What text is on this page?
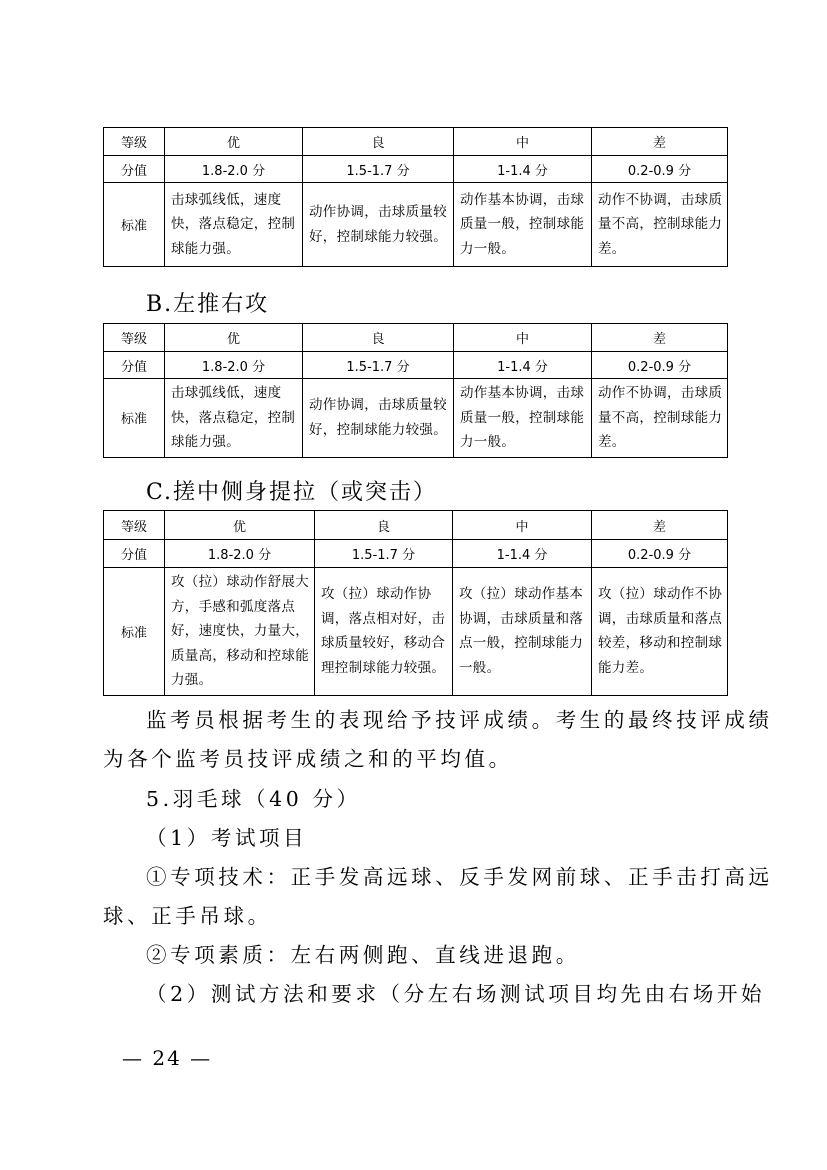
等级	优	良	中	差
分值	1.8-2.0 分	1.5-1.7 分	1-1.4 分	0.2-0.9 分
标准	击球弧线低，速度快，落点稳定，控制球能力强。	动作协调，击球质量较好，控制球能力较强。	动作基本协调，击球质量一般，控制球能力一般。	动作不协调，击球质量不高，控制球能力差。
B.左推右攻
等级	优	良	中	差
分值	1.8-2.0 分	1.5-1.7 分	1-1.4 分	0.2-0.9 分
标准	击球弧线低，速度快，落点稳定，控制球能力强。	动作协调，击球质量较好，控制球能力较强。	动作基本协调，击球质量一般，控制球能力一般。	动作不协调，击球质量不高，控制球能力差。
C.搓中侧身提拉（或突击）
等级	优	良	中	差
分值	1.8-2.0 分	1.5-1.7 分	1-1.4 分	0.2-0.9 分
标准	攻（拉）球动作舒展大方，手感和弧度落点好，速度快，力量大，质量高，移动和控球能力强。	攻（拉）球动作协调，落点相对好，击球质量较好，移动合理控制球能力较强。	攻（拉）球动作基本协调，击球质量和落点一般，控制球能力一般。	攻（拉）球动作不协调，击球质量和落点较差，移动和控制球能力差。
监考员根据考生的表现给予技评成绩。考生的最终技评成绩
为各个监考员技评成绩之和的平均值。
5.羽毛球（40 分）
（1）考试项目
①专项技术：正手发高远球、反手发网前球、正手击打高远
球、正手吊球。
②专项素质：左右两侧跑、直线进退跑。
（2）测试方法和要求（分左右场测试项目均先由右场开始
— 24 —
